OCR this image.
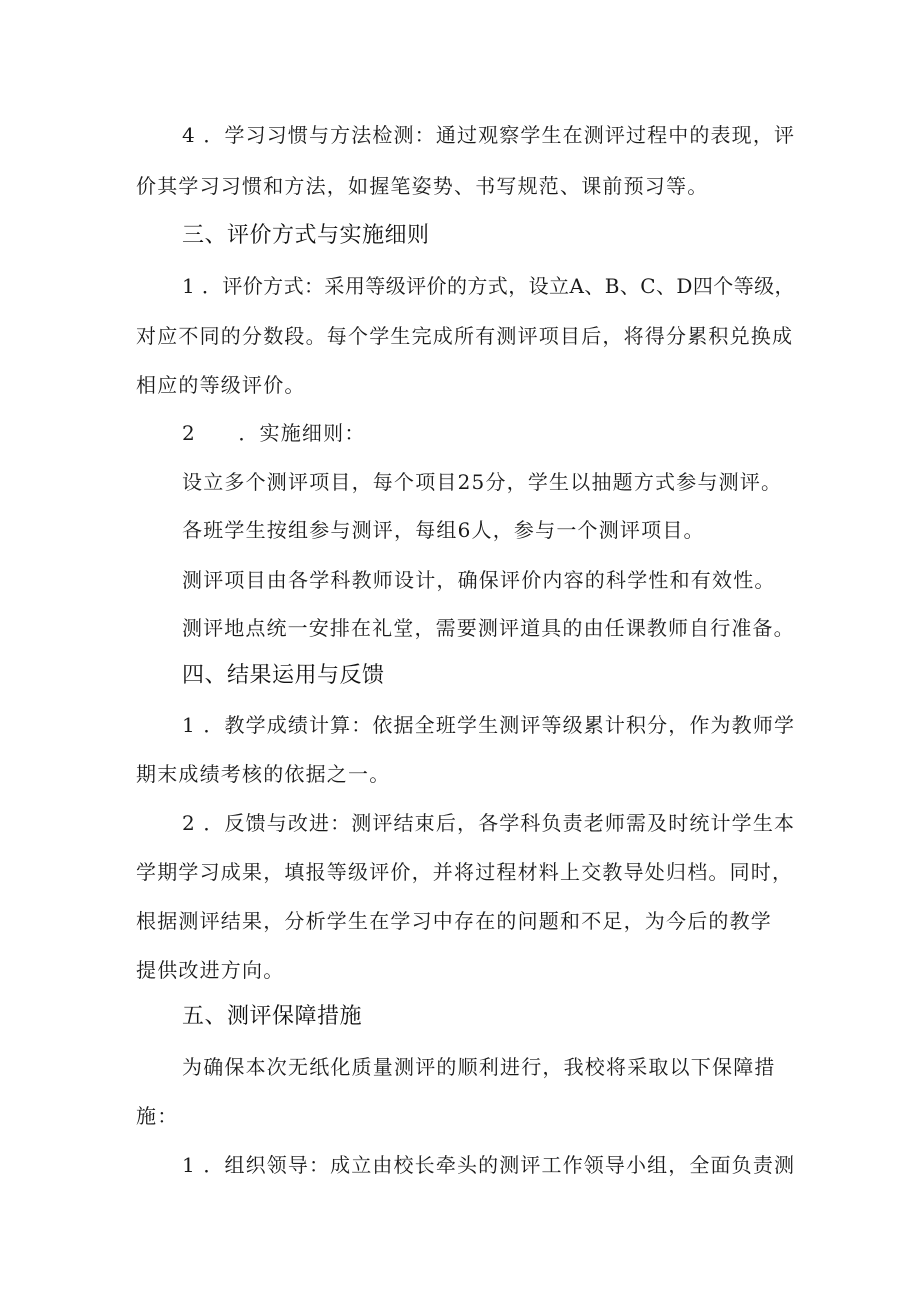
4 ．学习习惯与方法检测：通过观察学生在测评过程中的表现，评
价其学习习惯和方法，如握笔姿势、书写规范、课前预习等。
三、评价方式与实施细则
1 ．评价方式：采用等级评价的方式，设立A、B、C、D四个等级，
对应不同的分数段。每个学生完成所有测评项目后，将得分累积兑换成
相应的等级评价。
2　　．实施细则：
设立多个测评项目，每个项目25分，学生以抽题方式参与测评。
各班学生按组参与测评，每组6人，参与一个测评项目。
测评项目由各学科教师设计，确保评价内容的科学性和有效性。
测评地点统一安排在礼堂，需要测评道具的由任课教师自行准备。
四、结果运用与反馈
1 ．教学成绩计算：依据全班学生测评等级累计积分，作为教师学
期末成绩考核的依据之一。
2 ．反馈与改进：测评结束后，各学科负责老师需及时统计学生本
学期学习成果，填报等级评价，并将过程材料上交教导处归档。同时，
根据测评结果，分析学生在学习中存在的问题和不足，为今后的教学
提供改进方向。
五、测评保障措施
为确保本次无纸化质量测评的顺利进行，我校将采取以下保障措
施：
1 ．组织领导：成立由校长牵头的测评工作领导小组，全面负责测
